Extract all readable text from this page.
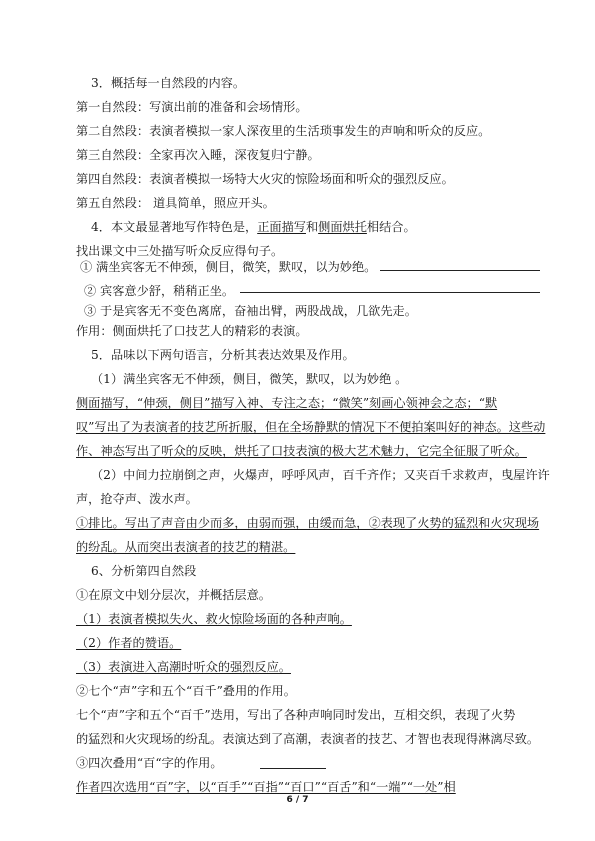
3．概括每一自然段的内容。
第一自然段：写演出前的准备和会场情形。
第二自然段：表演者模拟一家人深夜里的生活琐事发生的声响和听众的反应。
第三自然段：全家再次入睡，深夜复归宁静。
第四自然段：表演者模拟一场特大火灾的惊险场面和听众的强烈反应。
第五自然段： 道具简单，照应开头。
4．本文最显著地写作特色是，正面描写和侧面烘托相结合。
找出课文中三处描写听众反应得句子。
① 满坐宾客无不伸颈，侧目，微笑，默叹，以为妙绝。
② 宾客意少舒，稍稍正坐。
③ 于是宾客无不变色离席，奋袖出臂，两股战战，几欲先走。
作用：侧面烘托了口技艺人的精彩的表演。
5．品味以下两句语言，分析其表达效果及作用。
（1）满坐宾客无不伸颈，侧目，微笑，默叹，以为妙绝 。
侧面描写，“伸颈，侧目”描写入神、专注之态；“微笑”刻画心领神会之态；“默
叹”写出了为表演者的技艺所折服，但在全场静默的情况下不便拍案叫好的神态。这些动
作、神态写出了听众的反映，烘托了口技表演的极大艺术魅力，它完全征服了听众。
（2）中间力拉崩倒之声，火爆声，呼呼风声，百千齐作；又夹百千求救声，曳屋许许
声，抢夺声、泼水声。
①排比。写出了声音由少而多，由弱而强，由缓而急，②表现了火势的猛烈和火灾现场
的纷乱。从而突出表演者的技艺的精湛。
6、分析第四自然段
①在原文中划分层次，并概括层意。
（1）表演者模拟失火、救火惊险场面的各种声响。
（2）作者的赞语。
（3）表演进入高潮时听众的强烈反应。
②七个“声”字和五个“百千”叠用的作用。
七个“声”字和五个“百千”迭用，写出了各种声响同时发出，互相交织，表现了火势
的猛烈和火灾现场的纷乱。表演达到了高潮，表演者的技艺、才智也表现得淋漓尽致。
③四次叠用“百“字的作用。
作者四次选用“百”字，以“百手”“百指”“百口”“百舌”和“一端”“一处”相
6 / 7
